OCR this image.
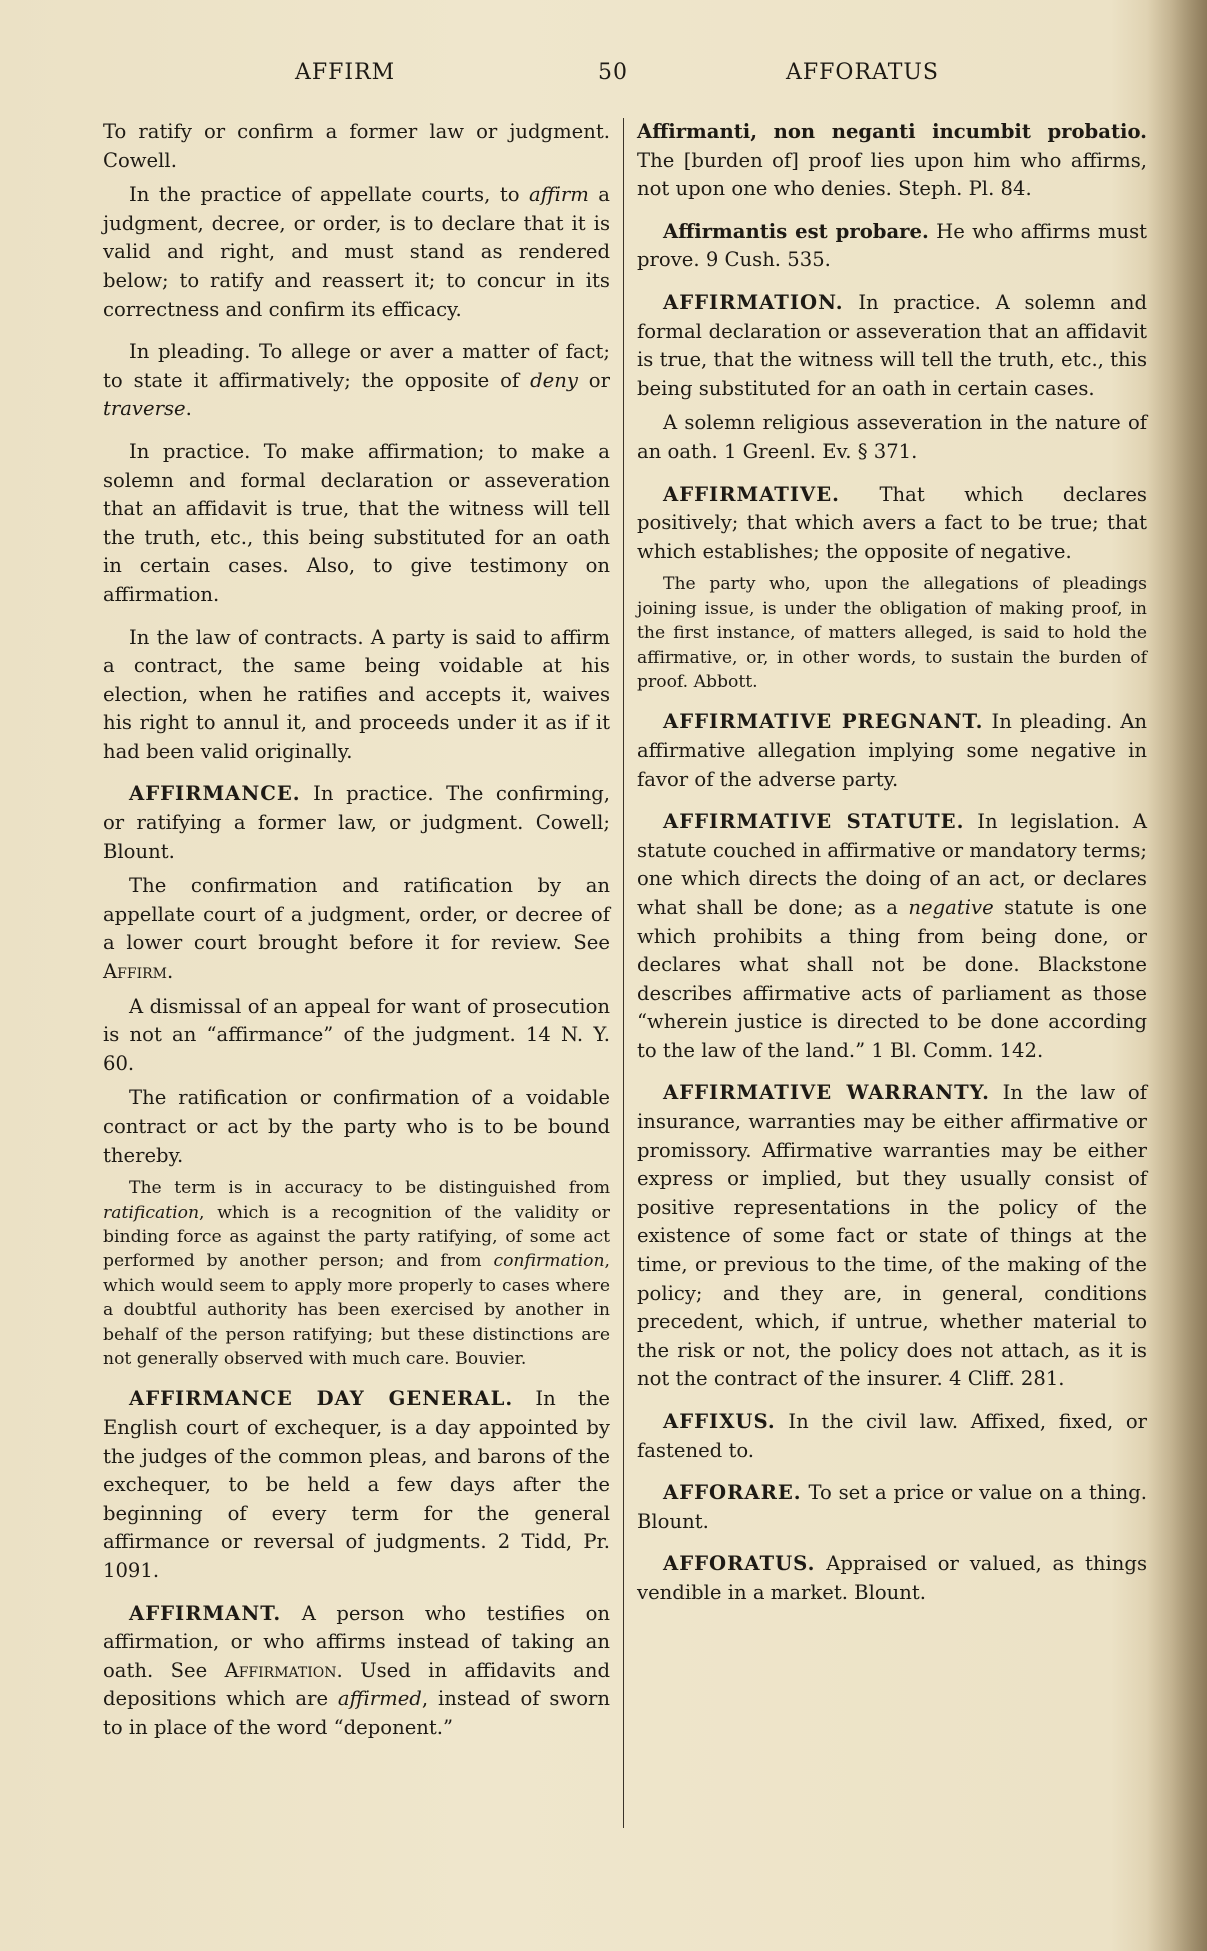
AFFIRM	50	AFFORATUS

To ratify or confirm a former law or judgment. Cowell.

In the practice of appellate courts, to affirm a judgment, decree, or order, is to declare that it is valid and right, and must stand as rendered below; to ratify and reassert it; to concur in its correctness and confirm its efficacy.

In pleading. To allege or aver a matter of fact; to state it affirmatively; the opposite of deny or traverse.

In practice. To make affirmation; to make a solemn and formal declaration or asseveration that an affidavit is true, that the witness will tell the truth, etc., this being substituted for an oath in certain cases. Also, to give testimony on affirmation.

In the law of contracts. A party is said to affirm a contract, the same being voidable at his election, when he ratifies and accepts it, waives his right to annul it, and proceeds under it as if it had been valid originally.

AFFIRMANCE. In practice. The confirming, or ratifying a former law, or judgment. Cowell; Blount.

The confirmation and ratification by an appellate court of a judgment, order, or decree of a lower court brought before it for review. See Affirm.

A dismissal of an appeal for want of prosecution is not an “affirmance” of the judgment. 14 N. Y. 60.

The ratification or confirmation of a voidable contract or act by the party who is to be bound thereby.

The term is in accuracy to be distinguished from ratification, which is a recognition of the validity or binding force as against the party ratifying, of some act performed by another person; and from confirmation, which would seem to apply more properly to cases where a doubtful authority has been exercised by another in behalf of the person ratifying; but these distinctions are not generally observed with much care. Bouvier.

AFFIRMANCE DAY GENERAL. In the English court of exchequer, is a day appointed by the judges of the common pleas, and barons of the exchequer, to be held a few days after the beginning of every term for the general affirmance or reversal of judgments. 2 Tidd, Pr. 1091.

AFFIRMANT. A person who testifies on affirmation, or who affirms instead of taking an oath. See Affirmation. Used in affidavits and depositions which are affirmed, instead of sworn to in place of the word “deponent.”

Affirmanti, non neganti incumbit probatio. The [burden of] proof lies upon him who affirms, not upon one who denies. Steph. Pl. 84.

Affirmantis est probare. He who affirms must prove. 9 Cush. 535.

AFFIRMATION. In practice. A solemn and formal declaration or asseveration that an affidavit is true, that the witness will tell the truth, etc., this being substituted for an oath in certain cases.

A solemn religious asseveration in the nature of an oath. 1 Greenl. Ev. § 371.

AFFIRMATIVE. That which declares positively; that which avers a fact to be true; that which establishes; the opposite of negative.

The party who, upon the allegations of pleadings joining issue, is under the obligation of making proof, in the first instance, of matters alleged, is said to hold the affirmative, or, in other words, to sustain the burden of proof. Abbott.

AFFIRMATIVE PREGNANT. In pleading. An affirmative allegation implying some negative in favor of the adverse party.

AFFIRMATIVE STATUTE. In legislation. A statute couched in affirmative or mandatory terms; one which directs the doing of an act, or declares what shall be done; as a negative statute is one which prohibits a thing from being done, or declares what shall not be done. Blackstone describes affirmative acts of parliament as those “wherein justice is directed to be done according to the law of the land.” 1 Bl. Comm. 142.

AFFIRMATIVE WARRANTY. In the law of insurance, warranties may be either affirmative or promissory. Affirmative warranties may be either express or implied, but they usually consist of positive representations in the policy of the existence of some fact or state of things at the time, or previous to the time, of the making of the policy; and they are, in general, conditions precedent, which, if untrue, whether material to the risk or not, the policy does not attach, as it is not the contract of the insurer. 4 Cliff. 281.

AFFIXUS. In the civil law. Affixed, fixed, or fastened to.

AFFORARE. To set a price or value on a thing. Blount.

AFFORATUS. Appraised or valued, as things vendible in a market. Blount.
